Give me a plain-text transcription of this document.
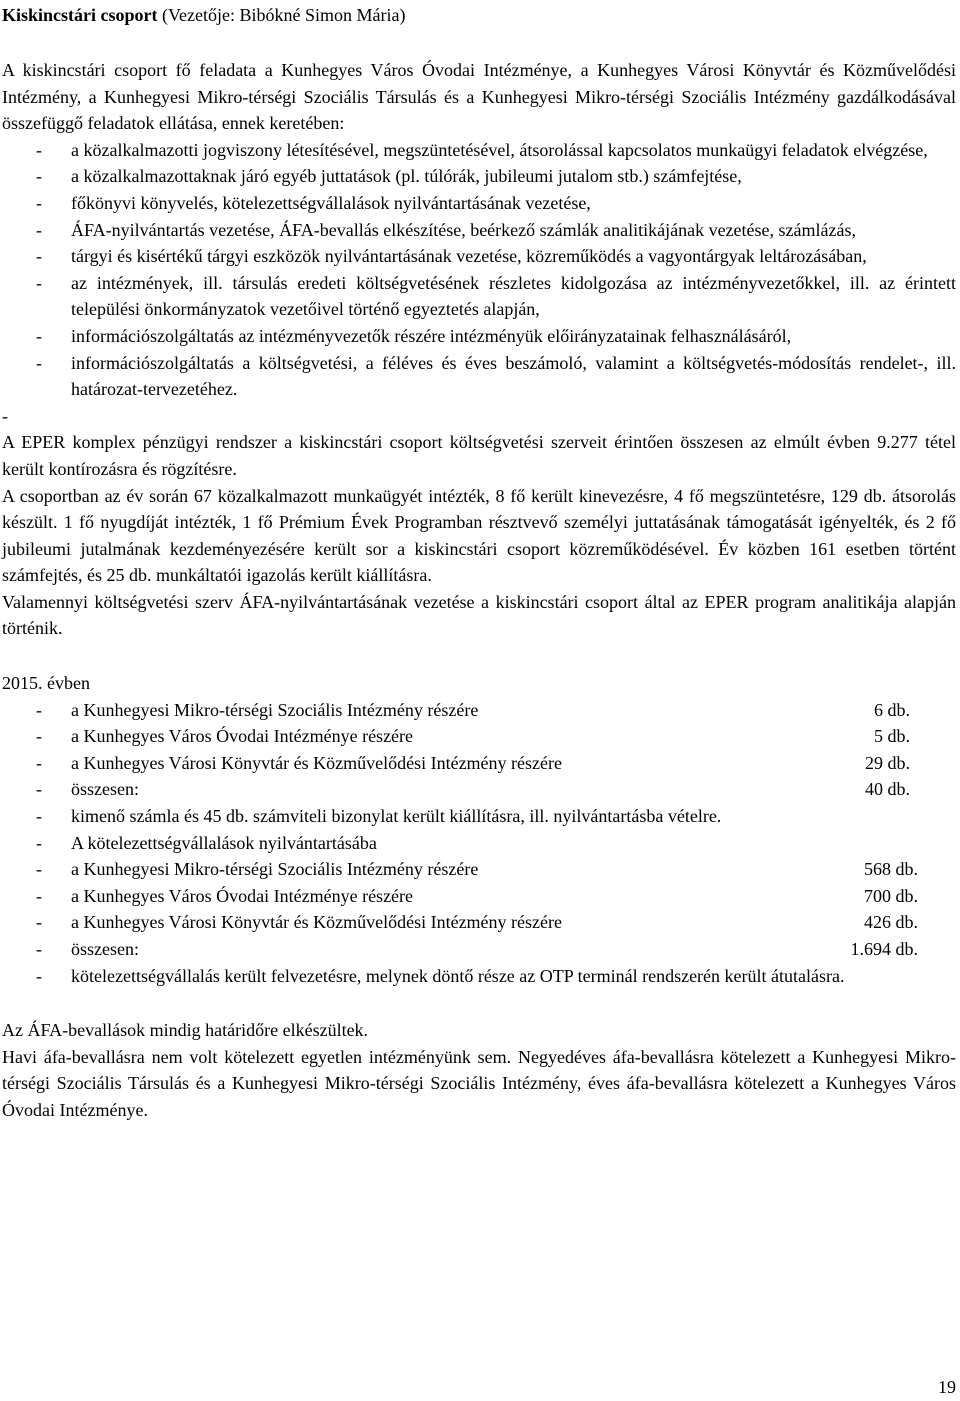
Kiskincstári csoport (Vezetője: Bibókné Simon Mária)

A kiskincstári csoport fő feladata a Kunhegyes Város Óvodai Intézménye, a Kunhegyes Városi Könyvtár és Közművelődési Intézmény, a Kunhegyesi Mikro-térségi Szociális Társulás és a Kunhegyesi Mikro-térségi Szociális Intézmény gazdálkodásával összefüggő feladatok ellátása, ennek keretében:

- a közalkalmazotti jogviszony létesítésével, megszüntetésével, átsorolással kapcsolatos munkaügyi feladatok elvégzése,
- a közalkalmazottaknak járó egyéb juttatások (pl. túlórák, jubileumi jutalom stb.) számfejtése,
- főkönyvi könyvelés, kötelezettségvállalások nyilvántartásának vezetése,
- ÁFA-nyilvántartás vezetése, ÁFA-bevallás elkészítése, beérkező számlák analitikájának vezetése, számlázás,
- tárgyi és kisértékű tárgyi eszközök nyilvántartásának vezetése, közreműködés a vagyontárgyak leltározásában,
- az intézmények, ill. társulás eredeti költségvetésének részletes kidolgozása az intézményvezetőkkel, ill. az érintett települési önkormányzatok vezetőivel történő egyeztetés alapján,
- információszolgáltatás az intézményvezetők részére intézményük előirányzatainak felhasználásáról,
- információszolgáltatás a költségvetési, a féléves és éves beszámoló, valamint a költségvetés-módosítás rendelet-, ill. határozat-tervezetéhez.
-

A EPER komplex pénzügyi rendszer a kiskincstári csoport költségvetési szerveit érintően összesen az elmúlt évben 9.277 tétel került kontírozásra és rögzítésre.

A csoportban az év során 67 közalkalmazott munkaügyét intézték, 8 fő került kinevezésre, 4 fő megszüntetésre, 129 db. átsorolás készült. 1 fő nyugdíját intézték, 1 fő Prémium Évek Programban résztvevő személyi juttatásának támogatását igényelték, és 2 fő jubileumi jutalmának kezdeményezésére került sor a kiskincstári csoport közreműködésével. Év közben 161 esetben történt számfejtés, és 25 db. munkáltatói igazolás került kiállításra.

Valamennyi költségvetési szerv ÁFA-nyilvántartásának vezetése a kiskincstári csoport által az EPER program analitikája alapján történik.

2015. évben
- a Kunhegyesi Mikro-térségi Szociális Intézmény részére	6 db.
- a Kunhegyes Város Óvodai Intézménye részére	5 db.
- a Kunhegyes Városi Könyvtár és Közművelődési Intézmény részére	29 db.
- összesen:	40 db.
- kimenő számla és 45 db. számviteli bizonylat került kiállításra, ill. nyilvántartásba vételre.
- A kötelezettségvállalások nyilvántartásába
- a Kunhegyesi Mikro-térségi Szociális Intézmény részére	568 db.
- a Kunhegyes Város Óvodai Intézménye részére	700 db.
- a Kunhegyes Városi Könyvtár és Közművelődési Intézmény részére	426 db.
- összesen:	1.694 db.
- kötelezettségvállalás került felvezetésre, melynek döntő része az OTP terminál rendszerén került átutalásra.

Az ÁFA-bevallások mindig határidőre elkészültek.

Havi áfa-bevallásra nem volt kötelezett egyetlen intézményünk sem. Negyedéves áfa-bevallásra kötelezett a Kunhegyesi Mikro-térségi Szociális Társulás és a Kunhegyesi Mikro-térségi Szociális Intézmény, éves áfa-bevallásra kötelezett a Kunhegyes Város Óvodai Intézménye.

19
